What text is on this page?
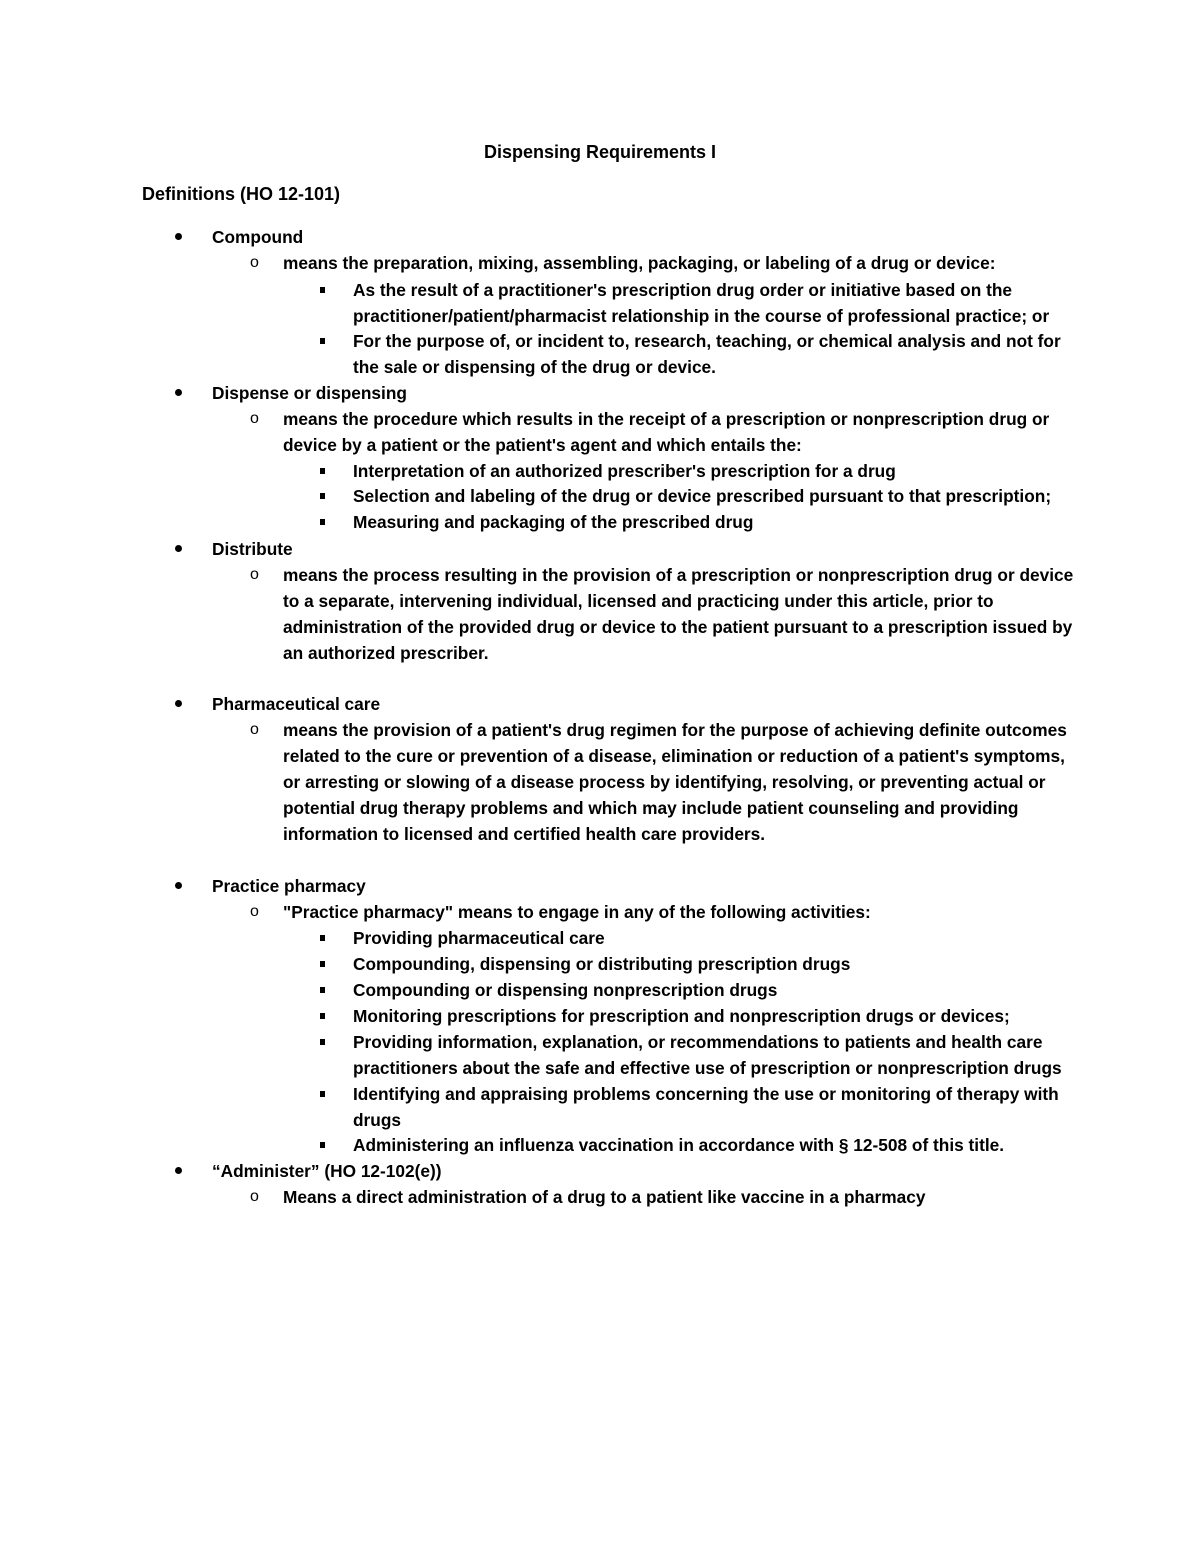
Dispensing Requirements I
Definitions (HO 12-101)
Compound
o means the preparation, mixing, assembling, packaging, or labeling of a drug or device:
As the result of a practitioner's prescription drug order or initiative based on the
practitioner/patient/pharmacist relationship in the course of professional practice; or
For the purpose of, or incident to, research, teaching, or chemical analysis and not for
the sale or dispensing of the drug or device.
Dispense or dispensing
o means the procedure which results in the receipt of a prescription or nonprescription drug or
device by a patient or the patient's agent and which entails the:
Interpretation of an authorized prescriber's prescription for a drug
Selection and labeling of the drug or device prescribed pursuant to that prescription;
Measuring and packaging of the prescribed drug
Distribute
o means the process resulting in the provision of a prescription or nonprescription drug or device
to a separate, intervening individual, licensed and practicing under this article, prior to
administration of the provided drug or device to the patient pursuant to a prescription issued by
an authorized prescriber.
Pharmaceutical care
o means the provision of a patient's drug regimen for the purpose of achieving definite outcomes
related to the cure or prevention of a disease, elimination or reduction of a patient's symptoms,
or arresting or slowing of a disease process by identifying, resolving, or preventing actual or
potential drug therapy problems and which may include patient counseling and providing
information to licensed and certified health care providers.
Practice pharmacy
o "Practice pharmacy" means to engage in any of the following activities:
Providing pharmaceutical care
Compounding, dispensing or distributing prescription drugs
Compounding or dispensing nonprescription drugs
Monitoring prescriptions for prescription and nonprescription drugs or devices;
Providing information, explanation, or recommendations to patients and health care
practitioners about the safe and effective use of prescription or nonprescription drugs
Identifying and appraising problems concerning the use or monitoring of therapy with
drugs
Administering an influenza vaccination in accordance with § 12-508 of this title.
“Administer” (HO 12-102(e))
o Means a direct administration of a drug to a patient like vaccine in a pharmacy
